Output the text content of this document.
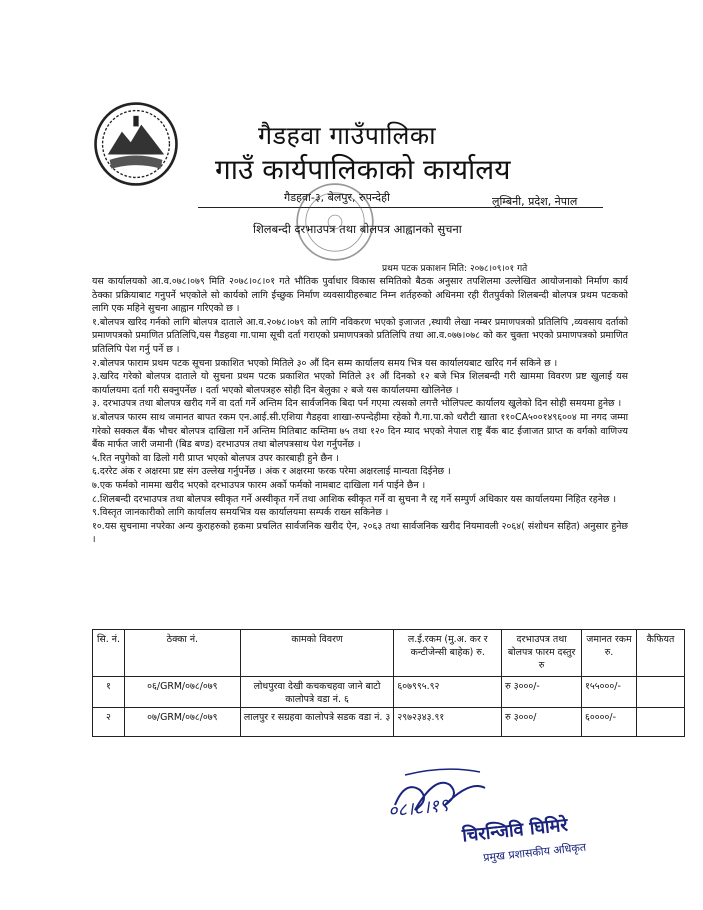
गैडहवा गाउँपालिका
गाउँ कार्यपालिकाको कार्यालय
गैडहवा-३, बेलपुर, रुपन्देही	लुम्बिनी, प्रदेश, नेपाल
शिलबन्दी दरभाउपत्र तथा बोलपत्र आह्वानको सुचना
प्रथम पटक प्रकाशन मिति: २०७८।०९।०१ गते

यस कार्यालयको आ.व.०७८।०७९ मिति २०७८।०८।०१ गते भौतिक पुर्वाधार विकास समितिको बैठक अनुसार तपशिलमा उल्लेखित आयोजनाको निर्माण कार्य ठेक्का प्रक्रियाबाट गनुपर्ने भएकोले सो कार्यको लागि ईच्छुक निर्माण व्यवसायीहरुबाट निम्न शर्तहरुको अधिनमा रही रीतपुर्वको शिलबन्दी बोलपत्र प्रथम पटकको लागि एक महिने सुचना आह्वान गरिएको छ ।

१.बोलपत्र खरिद गर्नको लागि बोलपत्र दाताले आ.व.२०७८।०७९ को लागि नविकरण भएको इजाजत ,स्थायी लेखा नम्बर प्रमाणपत्रको प्रतिलिपि ,व्यवसाय दर्ताको प्रमाणपत्रको प्रमाणित प्रतिलिपि,यस गैडहवा गा.पामा सूची दर्ता गराएको प्रमाणपत्रको प्रतिलिपि तथा आ.व.०७७।०७८ को कर चुक्ता भएको प्रमाणपत्रको प्रमाणित प्रतिलिपि पेश गर्नु पर्ने छ ।

२.बोलपत्र फाराम प्रथम पटक सूचना प्रकाशित भएको मितिले ३० औं दिन सम्म कार्यालय समय भित्र यस कार्यालयबाट खरिद गर्न सकिने छ ।

३.खरिद गरेको बोलपत्र दाताले यो सुचना प्रथम पटक प्रकाशित भएको मितिले ३१ औं दिनको १२ बजे भित्र शिलबन्दी गरी खाममा विवरण प्रष्ट खुलाई यस कार्यालयमा दर्ता गरी सक्नुपर्नेछ । दर्ता भएको बोलपत्रहरु सोही दिन बेलुका २ बजे यस कार्यालयमा खोलिनेछ ।

३. दरभाउपत्र तथा बोलपत्र खरीद गर्ने वा दर्ता गर्ने अन्तिम दिन सार्वजनिक बिदा पर्न गएमा त्यसको लगत्तै भोलिपल्ट कार्यालय खुलेको दिन सोही समयमा हुनेछ ।

४.बोलपत्र फारम साथ जमानत बापत रकम एन.आई.सी.एशिया गैडहवा शाखा-रुपन्देहीमा रहेको गै.गा.पा.को धरौटी खाता ११०CA५००१४९६००४ मा नगद जम्मा गरेको सक्कल बैंक भौचर बोलपत्र दाखिला गर्ने अन्तिम मितिबाट कम्तिमा ७५ तथा १२० दिन म्याद भएको नेपाल राष्ट्र बैंक बाट ईजाजत प्राप्त क वर्गको वाणिज्य बैंक मार्फत जारी जमानी (बिड बण्ड) दरभाउपत्र तथा बोलपत्रसाथ पेश गर्नुपर्नेछ ।

५.रित नपुगेको वा ढिलो गरी प्राप्त भएको बोलपत्र उपर कारबाही हुने छैन ।

६.दररेट अंक र अक्षरमा प्रष्ट संग उल्लेख गर्नुपर्नेछ । अंक र अक्षरमा फरक परेमा अक्षरलाई मान्यता दिईनेछ ।

७.एक फर्मको नाममा खरीद भएको दरभाउपत्र फारम अर्को फर्मको नामबाट दाखिला गर्न पाईने छैन ।

८.शिलबन्दी दरभाउपत्र तथा बोलपत्र स्वीकृत गर्ने अस्वीकृत गर्ने तथा आशिक स्वीकृत गर्ने वा सुचना नै रद्द गर्ने सम्पुर्ण अधिकार यस कार्यालयमा निहित रहनेछ ।

९.विस्तृत जानकारीको लागि कार्यालय समयभित्र यस कार्यालयमा सम्पर्क राख्न सकिनेछ ।

१०.यस सुचनामा नपरेका अन्य कुराहरुको हकमा प्रचलित सार्वजनिक खरीद ऐन, २०६३ तथा सार्वजनिक खरीद नियमावली २०६४( संशोधन सहित) अनुसार हुनेछ ।

सि. नं.	ठेक्का नं.	कामको विवरण	ल.ई.रकम (मु.अ. कर र कन्टीजेन्सी बाहेक) रु.	दरभाउपत्र तथा बोलपत्र फारम दस्तुर रु	जमानत रकम रु.	कैफियत
१	०६/GRM/०७८/०७९	लोधपुरवा देखी कचकचहवा जाने बाटो कालोपत्रे वडा नं. ६	६०७९९५.९२	रु ३०००/-	१५५०००/-	
२	०७/GRM/०७८/०७९	लालपुर र सग्रहवा कालोपत्रे सडक वडा नं. ३	२९७२३४३.९१	रु ३०००/	६००००/-	
०८।८।१९
चिरन्जिवि घिमिरे
प्रमुख प्रशासकीय अधिकृत
